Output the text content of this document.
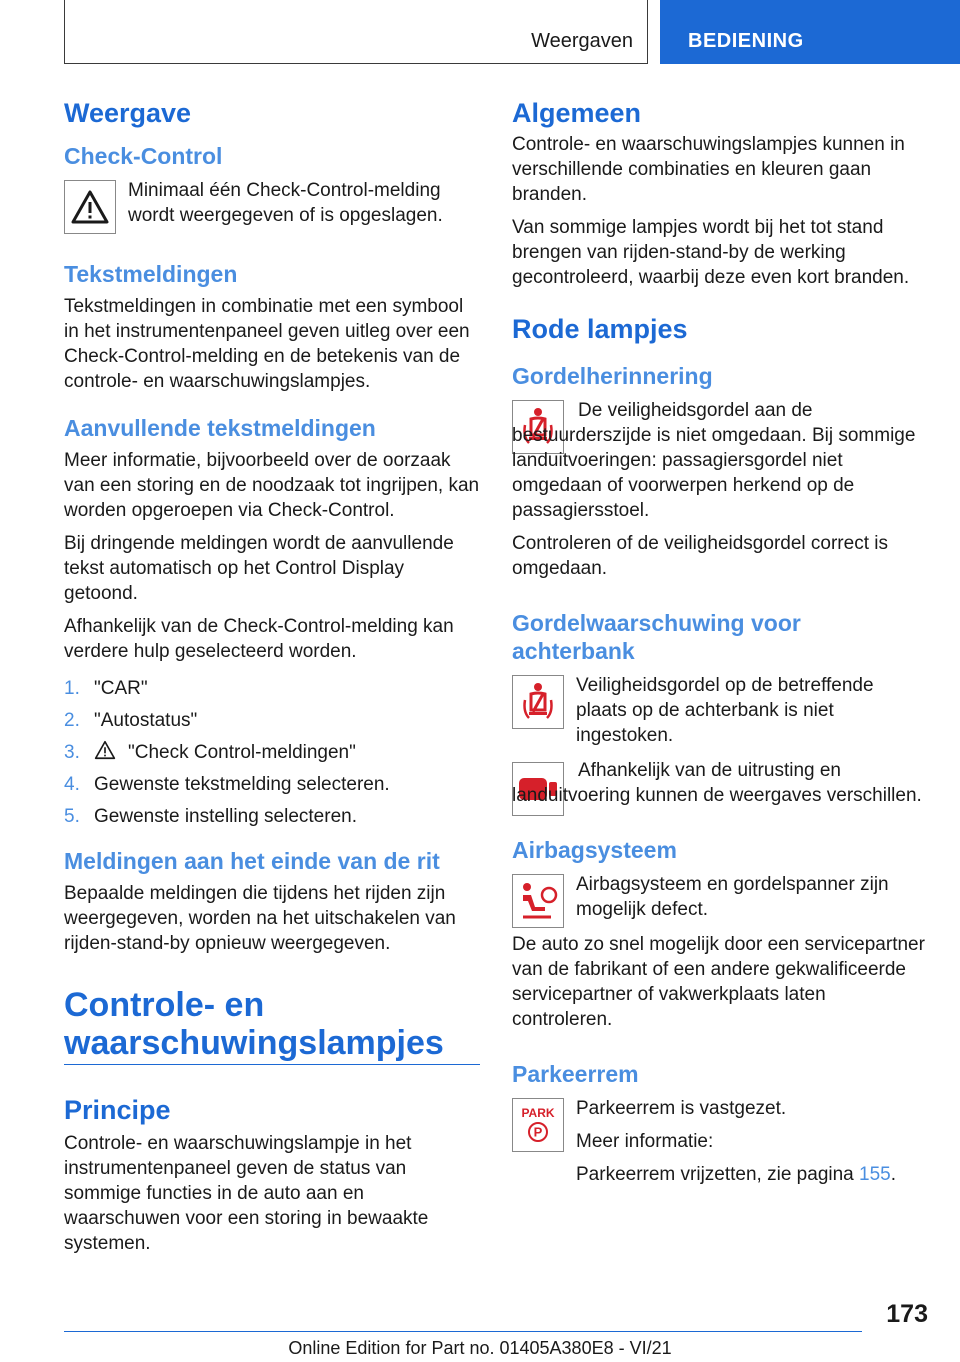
Weergaven	BEDIENING
Weergave
Check-Control

Minimaal één Check-Control-melding wordt weergegeven of is opgeslagen.

Tekstmeldingen

Tekstmeldingen in combinatie met een symbool in het instrumentenpaneel geven uitleg over een Check-Control-melding en de betekenis van de controle- en waarschuwingslampjes.

Aanvullende tekstmeldingen

Meer informatie, bijvoorbeeld over de oorzaak van een storing en de noodzaak tot ingrijpen, kan worden opgeroepen via Check-Control.

Bij dringende meldingen wordt de aanvullende tekst automatisch op het Control Display getoond.

Afhankelijk van de Check-Control-melding kan verdere hulp geselecteerd worden.

1. "CAR"
2. "Autostatus"
3.	"Check Control-meldingen"
4. Gewenste tekstmelding selecteren.
5. Gewenste instelling selecteren.
Meldingen aan het einde van de rit

Bepaalde meldingen die tijdens het rijden zijn weergegeven, worden na het uitschakelen van rijden-stand-by opnieuw weergegeven.

Controle- en waarschuwingslampjes
Principe

Controle- en waarschuwingslampje in het instrumentenpaneel geven de status van sommige functies in de auto aan en waarschuwen voor een storing in bewaakte systemen.

Algemeen

Controle- en waarschuwingslampjes kunnen in verschillende combinaties en kleuren gaan branden.

Van sommige lampjes wordt bij het tot stand brengen van rijden-stand-by de werking gecontroleerd, waarbij deze even kort branden.

Rode lampjes
Gordelherinnering

De veiligheidsgordel aan de bestuurderszijde is niet omgedaan. Bij sommige landuitvoeringen: passagiersgordel niet omgedaan of voorwerpen herkend op de passagiersstoel.

Controleren of de veiligheidsgordel correct is omgedaan.

Gordelwaarschuwing voor achterbank

Veiligheidsgordel op de betreffende plaats op de achterbank is niet ingestoken.

Afhankelijk van de uitrusting en landuitvoering kunnen de weergaves verschillen.

Airbagsysteem

Airbagsysteem en gordelspanner zijn mogelijk defect.

De auto zo snel mogelijk door een servicepartner van de fabrikant of een andere gekwalificeerde servicepartner of vakwerkplaats laten controleren.

Parkeerrem
PARK
P

Parkeerrem is vastgezet.

Meer informatie:

Parkeerrem vrijzetten, zie pagina 155.

173
Online Edition for Part no. 01405A380E8 - VI/21
